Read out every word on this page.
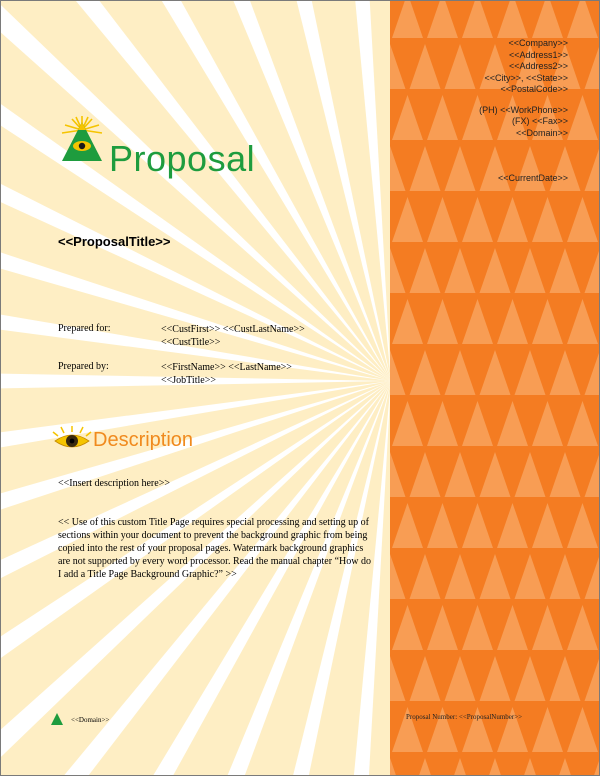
<<Company>>
<<Address1>>
<<Address2>>
<<City>>, <<State>>
<<PostalCode>>
(PH) <<WorkPhone>>
(FX) <<Fax>>
<<Domain>>
<<CurrentDate>>
Proposal
<<ProposalTitle>>
Prepared for:	<<CustFirst>> <<CustLastName>>
<<CustTitle>>
Prepared by:	<<FirstName>> <<LastName>>
<<JobTitle>>
Description
<<Insert description here>>
<< Use of this custom Title Page requires special processing and setting up of sections within your document to prevent the background graphic from being copied into the rest of your proposal pages. Watermark background graphics are not supported by every word processor. Read the manual chapter “How do I add a Title Page Background Graphic?” >>
<<Domain>>	Proposal Number: <<ProposalNumber>>
